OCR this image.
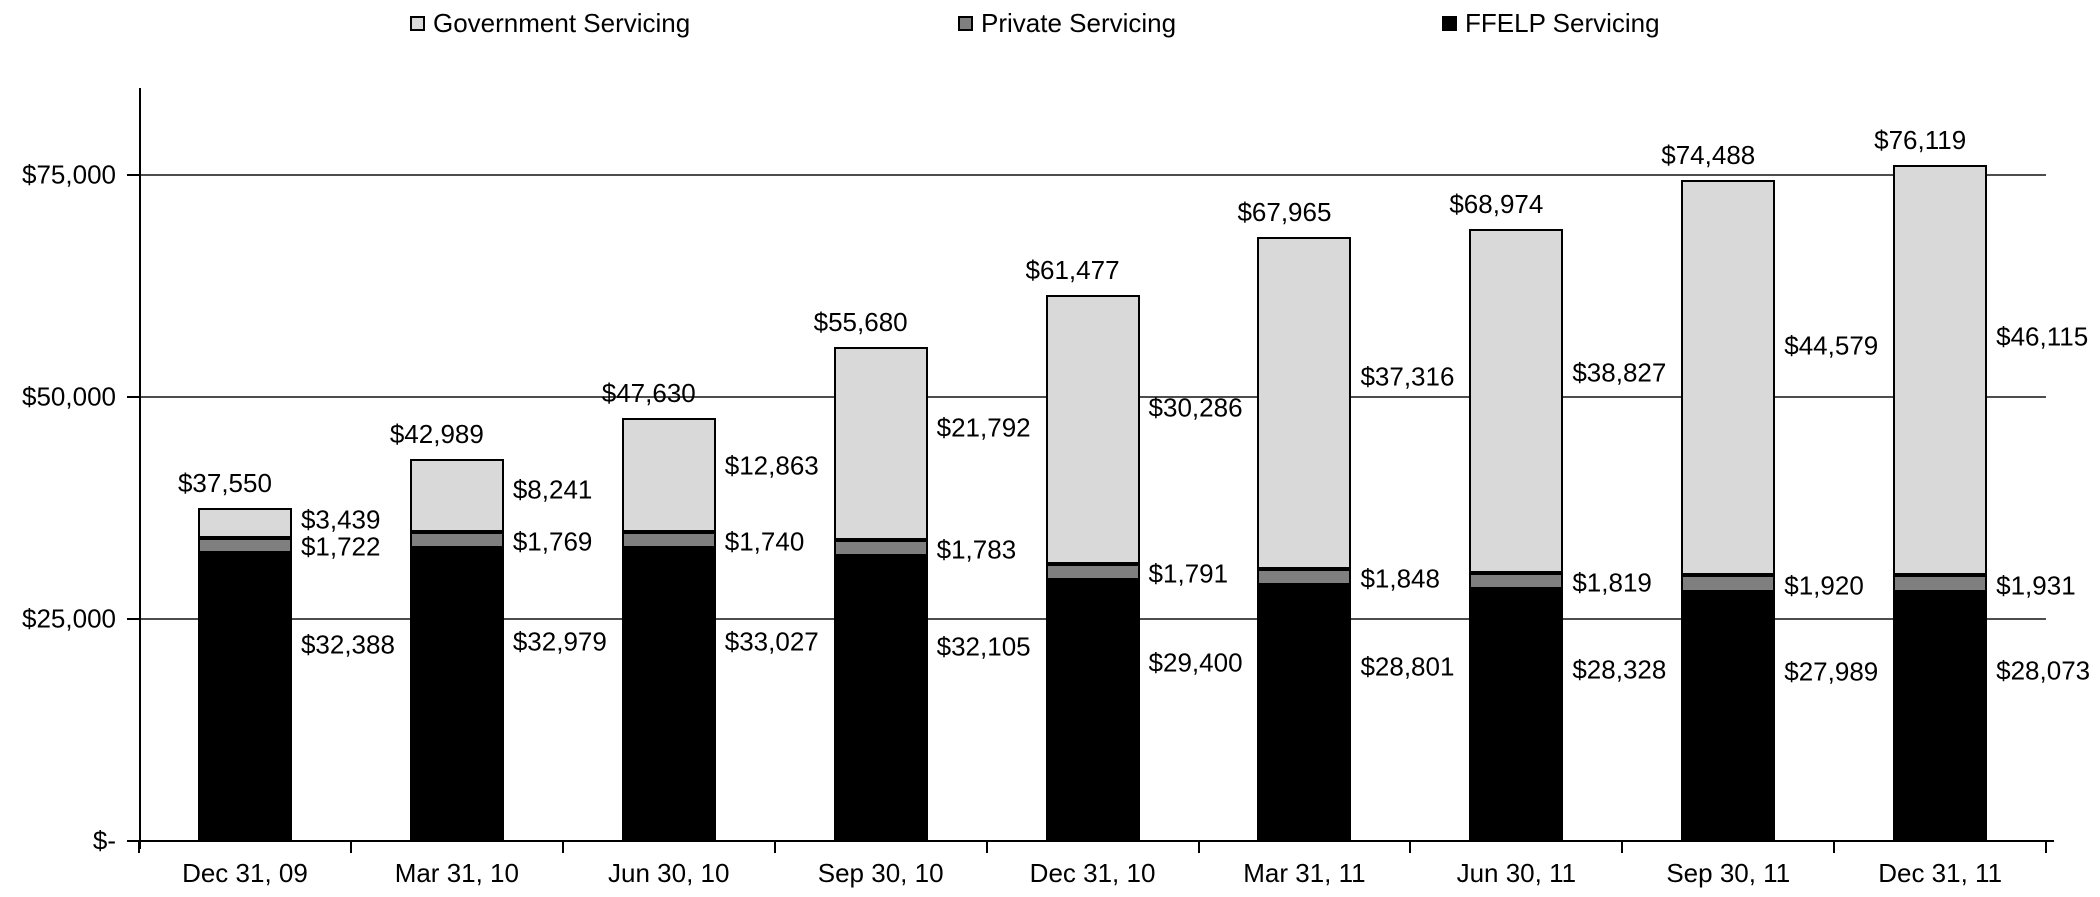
Government Servicing	Private Servicing	FFELP Servicing
$75,000
$50,000
$25,000
$-
$32,388
$1,722
$3,439
$37,550
Dec 31, 09
$32,979
$1,769
$8,241
$42,989
Mar 31, 10
$33,027
$1,740
$12,863
$47,630
Jun 30, 10
$32,105
$1,783
$21,792
$55,680
Sep 30, 10
$29,400
$1,791
$30,286
$61,477
Dec 31, 10
$28,801
$1,848
$37,316
$67,965
Mar 31, 11
$28,328
$1,819
$38,827
$68,974
Jun 30, 11
$27,989
$1,920
$44,579
$74,488
Sep 30, 11
$28,073
$1,931
$46,115
$76,119
Dec 31, 11
